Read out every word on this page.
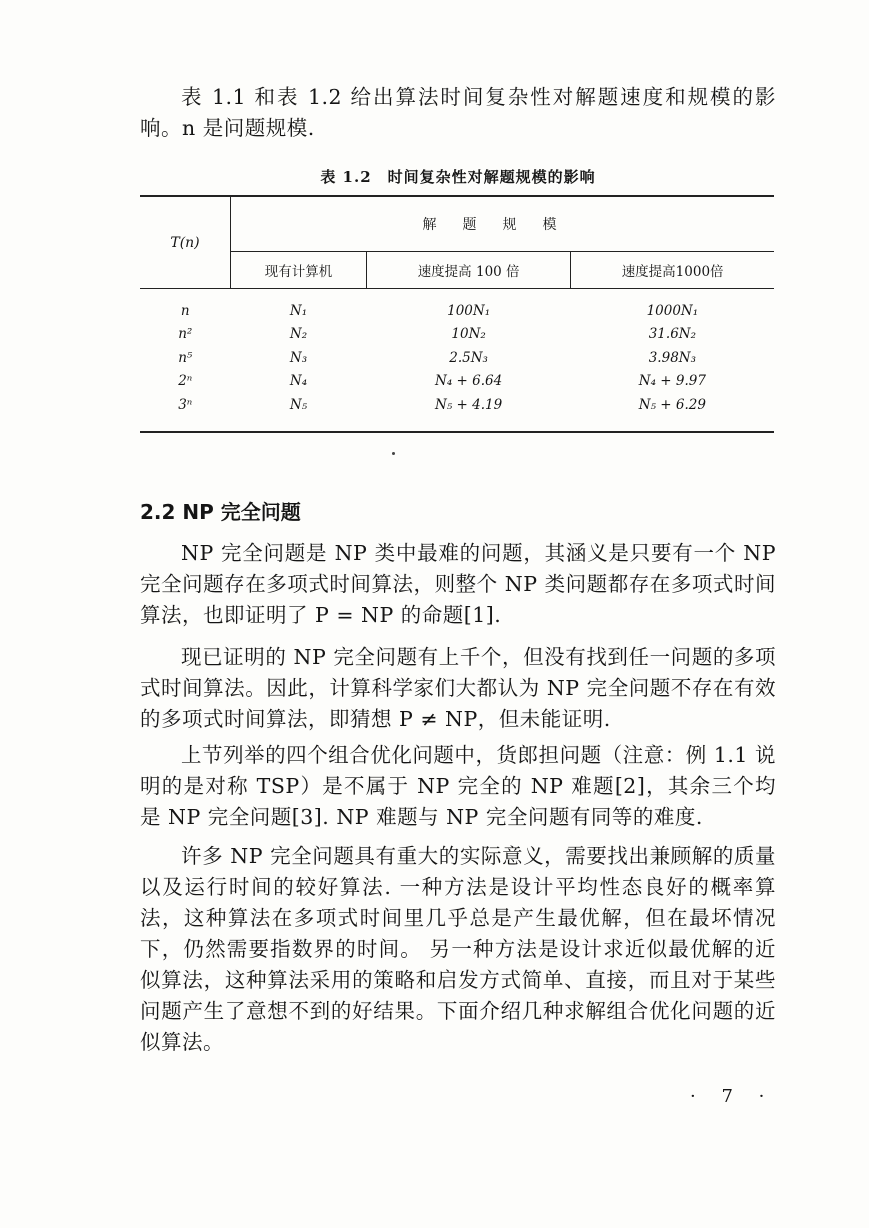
表 1.1 和表 1.2 给出算法时间复杂性对解题速度和规模的影响。n 是问题规模.

表 1.2　时间复杂性对解题规模的影响
T(n)	解题规模		
	现有计算机	速度提高 100 倍	速度提高1000倍
n	N₁	100N₁	1000N₁
n²	N₂	10N₂	31.6N₂
n⁵	N₃	2.5N₃	3.98N₃
2ⁿ	N₄	N₄ + 6.64	N₄ + 9.97
3ⁿ	N₅	N₅ + 4.19	N₅ + 6.29
2.2 NP 完全问题

NP 完全问题是 NP 类中最难的问题，其涵义是只要有一个 NP 完全问题存在多项式时间算法，则整个 NP 类问题都存在多项式时间算法，也即证明了 P = NP 的命题[1].

现已证明的 NP 完全问题有上千个，但没有找到任一问题的多项式时间算法。因此，计算科学家们大都认为 NP 完全问题不存在有效的多项式时间算法，即猜想 P ≠ NP，但未能证明.

上节列举的四个组合优化问题中，货郎担问题（注意：例 1.1 说明的是对称 TSP）是不属于 NP 完全的 NP 难题[2]，其余三个均是 NP 完全问题[3]. NP 难题与 NP 完全问题有同等的难度.

许多 NP 完全问题具有重大的实际意义，需要找出兼顾解的质量以及运行时间的较好算法. 一种方法是设计平均性态良好的概率算法，这种算法在多项式时间里几乎总是产生最优解，但在最坏情况下，仍然需要指数界的时间。 另一种方法是设计求近似最优解的近似算法，这种算法采用的策略和启发方式简单、直接，而且对于某些问题产生了意想不到的好结果。下面介绍几种求解组合优化问题的近似算法。

· 7 ·
